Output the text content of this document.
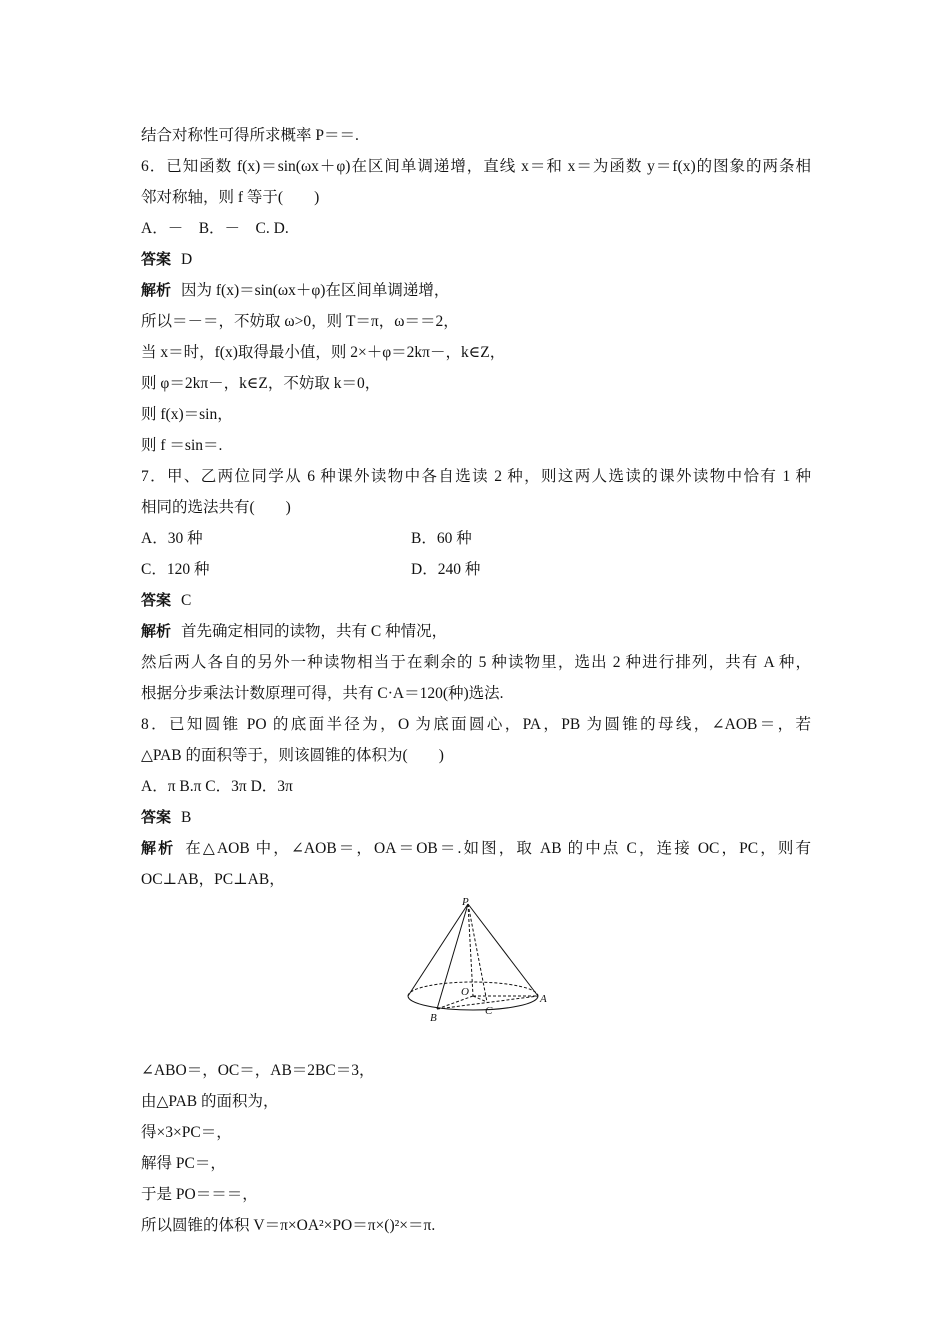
结合对称性可得所求概率 P＝＝.
6．已知函数 f(x)＝sin(ωx＋φ)在区间单调递增，直线 x＝和 x＝为函数 y＝f(x)的图象的两条相
邻对称轴，则 f 等于(　　)
A．－　B．－　C. D.
答案 D
解析 因为 f(x)＝sin(ωx＋φ)在区间单调递增，
所以＝－＝，不妨取 ω>0，则 T＝π，ω＝＝2，
当 x＝时，f(x)取得最小值，则 2×＋φ＝2kπ－，k∈Z，
则 φ＝2kπ－，k∈Z，不妨取 k＝0，
则 f(x)＝sin，
则 f ＝sin＝.
7．甲、乙两位同学从 6 种课外读物中各自选读 2 种，则这两人选读的课外读物中恰有 1 种
相同的选法共有(　　)
A．30 种	B．60 种
C．120 种	D．240 种
答案 C
解析 首先确定相同的读物，共有 C 种情况，
然后两人各自的另外一种读物相当于在剩余的 5 种读物里，选出 2 种进行排列，共有 A 种，
根据分步乘法计数原理可得，共有 C·A＝120(种)选法.
8．已知圆锥 PO 的底面半径为，O 为底面圆心，PA，PB 为圆锥的母线，∠AOB＝，若
△PAB 的面积等于，则该圆锥的体积为(　　)
A．π B.π C．3π D．3π
答案 B
解析 在△AOB 中，∠AOB＝，OA＝OB＝.如图，取 AB 的中点 C，连接 OC，PC，则有
OC⊥AB，PC⊥AB，
P
O
A
B
C
∠ABO＝，OC＝，AB＝2BC＝3，
由△PAB 的面积为，
得×3×PC＝，
解得 PC＝，
于是 PO＝＝＝，
所以圆锥的体积 V＝π×OA²×PO＝π×()²×＝π.
